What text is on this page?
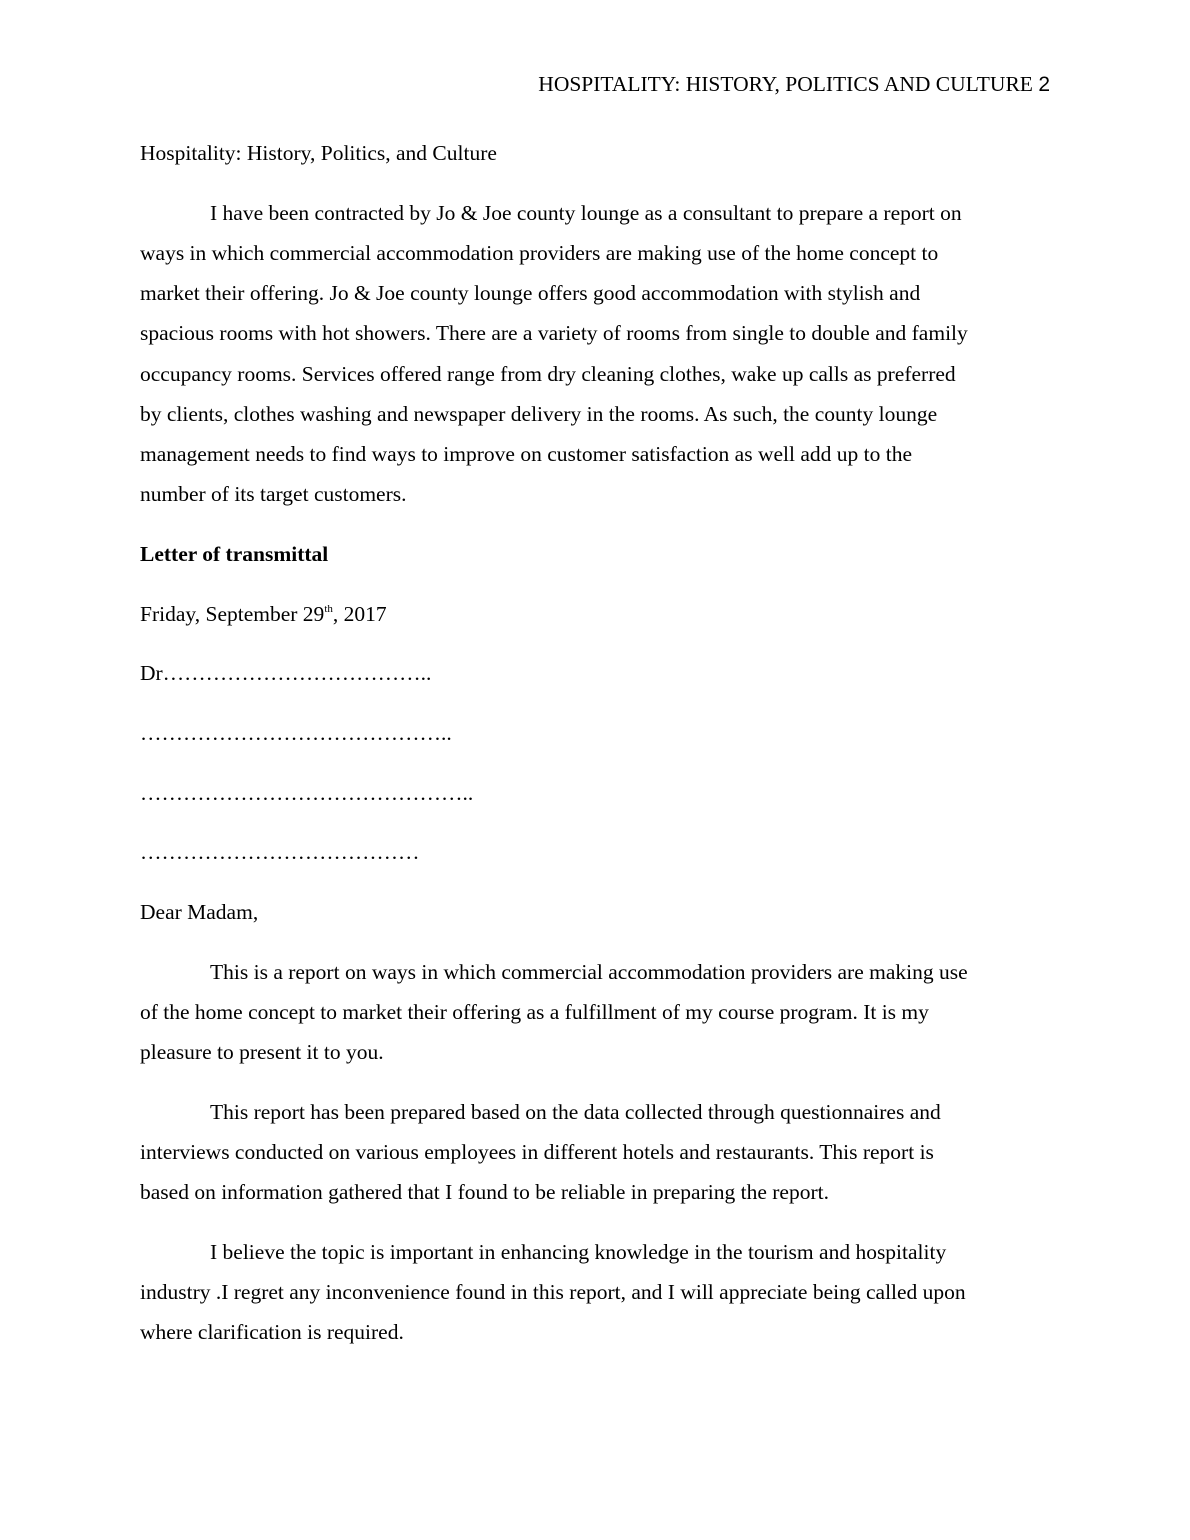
HOSPITALITY: HISTORY, POLITICS AND CULTURE 2

Hospitality: History, Politics, and Culture

I have been contracted by Jo & Joe county lounge as a consultant to prepare a report on
ways in which commercial accommodation providers are making use of the home concept to
market their offering. Jo & Joe county lounge offers good accommodation with stylish and
spacious rooms with hot showers. There are a variety of rooms from single to double and family
occupancy rooms. Services offered range from dry cleaning clothes, wake up calls as preferred
by clients, clothes washing and newspaper delivery in the rooms. As such, the county lounge
management needs to find ways to improve on customer satisfaction as well add up to the
number of its target customers.

Letter of transmittal

Friday, September 29th, 2017

Dr………………………………..

……………………………………..

………………………………………..

…………………………………

Dear Madam,

This is a report on ways in which commercial accommodation providers are making use
of the home concept to market their offering as a fulfillment of my course program. It is my
pleasure to present it to you.

This report has been prepared based on the data collected through questionnaires and
interviews conducted on various employees in different hotels and restaurants. This report is
based on information gathered that I found to be reliable in preparing the report.

I believe the topic is important in enhancing knowledge in the tourism and hospitality
industry .I regret any inconvenience found in this report, and I will appreciate being called upon
where clarification is required.
